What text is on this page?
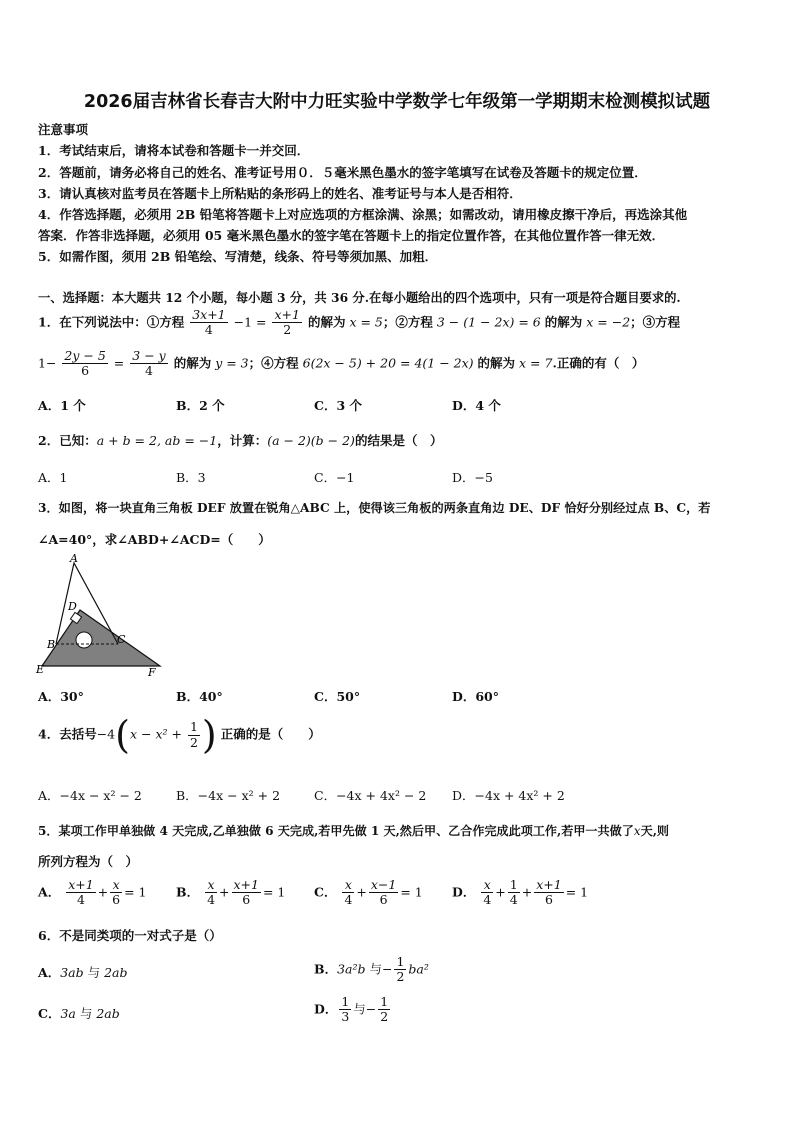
2026届吉林省长春吉大附中力旺实验中学数学七年级第一学期期末检测模拟试题
注意事项
1．考试结束后，请将本试卷和答题卡一并交回．
2．答题前，请务必将自己的姓名、准考证号用０．５毫米黑色墨水的签字笔填写在试卷及答题卡的规定位置．
3．请认真核对监考员在答题卡上所粘贴的条形码上的姓名、准考证号与本人是否相符．
4．作答选择题，必须用 2B 铅笔将答题卡上对应选项的方框涂满、涂黑；如需改动，请用橡皮擦干净后，再选涂其他
答案．作答非选择题，必须用 05 毫米黑色墨水的签字笔在答题卡上的指定位置作答，在其他位置作答一律无效．
5．如需作图，须用 2B 铅笔绘、写清楚，线条、符号等须加黑、加粗．
一、选择题：本大题共 12 个小题，每小题 3 分，共 36 分.在每小题给出的四个选项中，只有一项是符合题目要求的.
1．在下列说法中：①方程 $\frac{3x+1}{4} -1 = \frac{x+1}{2}$ 的解为 x = 5；②方程 3 − (1 − 2x) = 6 的解为 x = −2；③方程
$1- \frac{2y - 5}{6} = \frac{3 - y}{4}$ 的解为 y = 3；④方程 6(2x − 5) + 20 = 4(1 − 2x) 的解为 x = 7.正确的有（　）
A．1 个	B．2 个	C．3 个	D．4 个
2．已知：a + b = 2, ab = −1，计算：(a − 2)(b − 2)的结果是（　）
A．1	B．3	C．−1	D．−5
3．如图，将一块直角三角板 DEF 放置在锐角△ABC 上，使得该三角板的两条直角边 DE、DF 恰好分别经过点 B、C，若
∠A=40°，求∠ABD+∠ACD=（　　）
A
D
B	C
E	F
A．30°	B．40°	C．50°	D．60°
4．去括号$-4(x - x^2 + \frac{1}{2}$ ) 正确的是（　　）
A．−4x − x² − 2	B．−4x − x² + 2	C．−4x + 4x² − 2 D．−4x + 4x² + 2
5．某项工作甲单独做 4 天完成,乙单独做 6 天完成,若甲先做 1 天,然后甲、乙合作完成此项工作,若甲一共做了x天,则
所列方程为（　）
A． $\frac{x+1}{4} + \frac{x}{6} = 1$ B． $\frac{x}{4} + \frac{x+1}{6} = 1$ C． $\frac{x}{4} + \frac{x-1}{6} = 1$ D． $\frac{x}{4} + \frac{1}{4} + \frac{x+1}{6} = 1$
6．不是同类项的一对式子是（）
A．3ab 与 2ab	B．3a²b 与− $\frac{1}{2} ba^2$
C．3a 与 2ab	D． $\frac{1}{3}$ 与− $\frac{1}{2}$
